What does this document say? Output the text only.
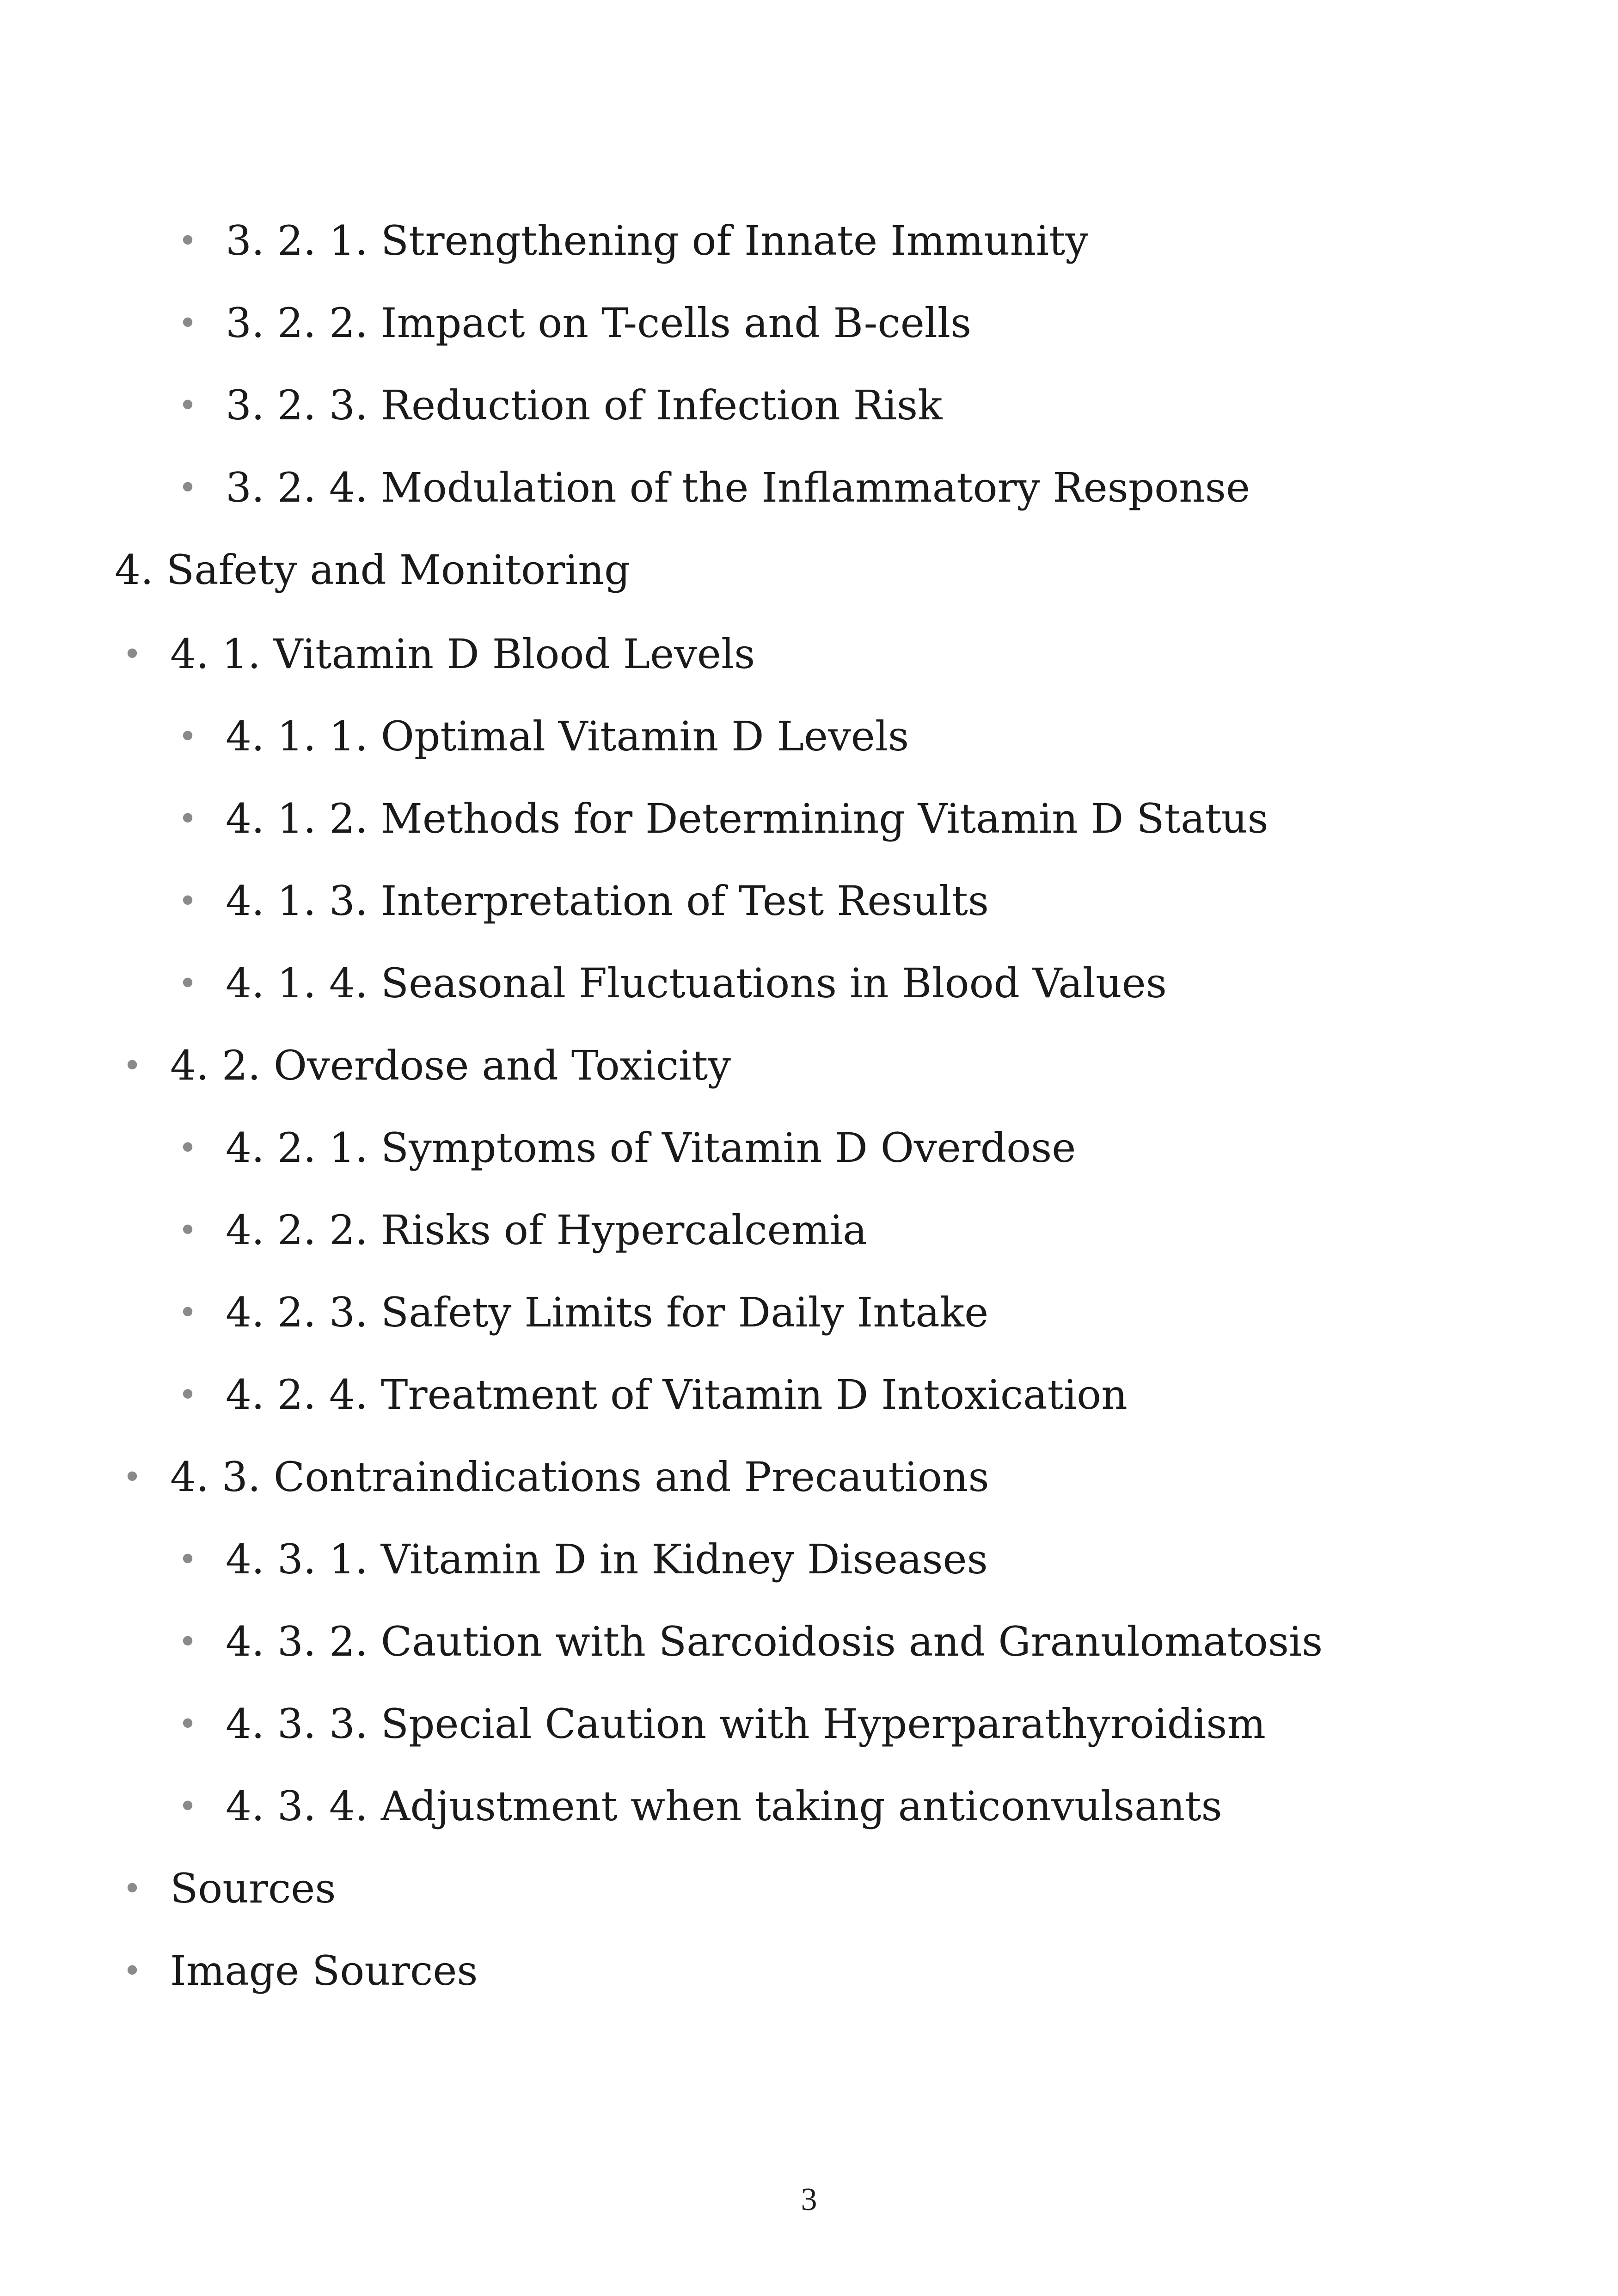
• 3. 2. 1. Strengthening of Innate Immunity
• 3. 2. 2. Impact on T-cells and B-cells
• 3. 2. 3. Reduction of Infection Risk
• 3. 2. 4. Modulation of the Inflammatory Response
4. Safety and Monitoring
• 4. 1. Vitamin D Blood Levels
• 4. 1. 1. Optimal Vitamin D Levels
• 4. 1. 2. Methods for Determining Vitamin D Status
• 4. 1. 3. Interpretation of Test Results
• 4. 1. 4. Seasonal Fluctuations in Blood Values
• 4. 2. Overdose and Toxicity
• 4. 2. 1. Symptoms of Vitamin D Overdose
• 4. 2. 2. Risks of Hypercalcemia
• 4. 2. 3. Safety Limits for Daily Intake
• 4. 2. 4. Treatment of Vitamin D Intoxication
• 4. 3. Contraindications and Precautions
• 4. 3. 1. Vitamin D in Kidney Diseases
• 4. 3. 2. Caution with Sarcoidosis and Granulomatosis
• 4. 3. 3. Special Caution with Hyperparathyroidism
• 4. 3. 4. Adjustment when taking anticonvulsants
• Sources
• Image Sources
3
